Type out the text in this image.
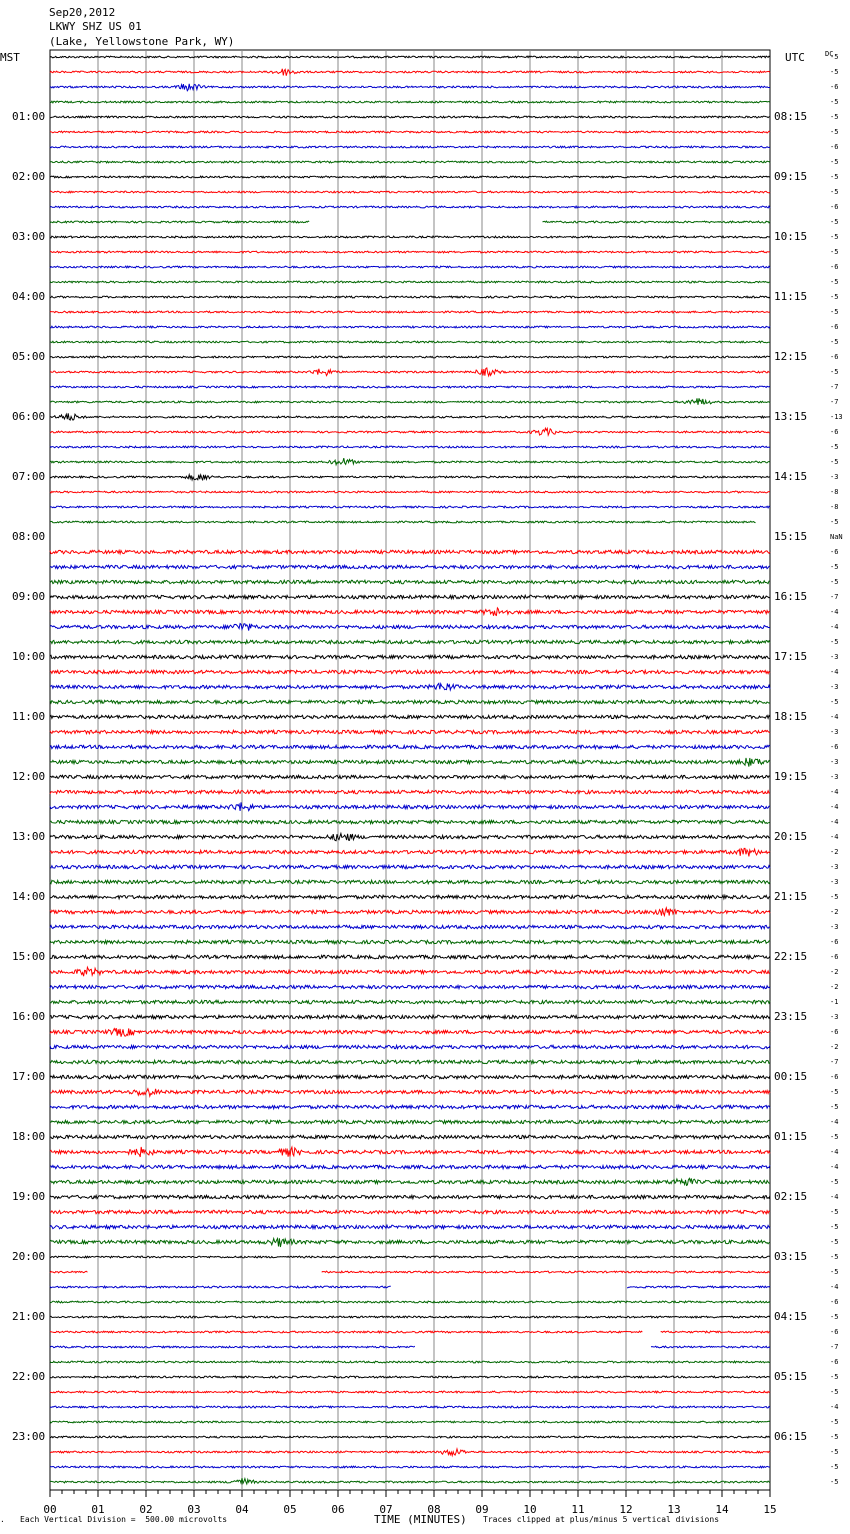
Sep20,2012
LKWY SHZ US 01
(Lake, Yellowstone Park, WY)
MST	UTC	DC
01:00
02:00
03:00
04:00
05:00
06:00
07:00
08:00
09:00
10:00
11:00
12:00
13:00
14:00
15:00
16:00
17:00
18:00
19:00
20:00
21:00
22:00
23:00
08:15
09:15
10:15
11:15
12:15
13:15
14:15
15:15
16:15
17:15
18:15
19:15
20:15
21:15
22:15
23:15
00:15
01:15
02:15
03:15
04:15
05:15
06:15
-5
-5
-6
-5
-5
-5
-6
-5
-5
-5
-6
-5
-5
-5
-6
-5
-5
-5
-6
-5
-6
-5
-7
-7
-13
-6
-5
-5
-3
-8
-8
-5
NaN
-6
-5
-5
-7
-4
-4
-5
-3
-4
-3
-5
-4
-3
-6
-3
-3
-4
-4
-4
-4
-2
-3
-3
-5
-2
-3
-6
-6
-2
-2
-1
-3
-6
-2
-7
-6
-5
-5
-4
-5
-4
-4
-5
-4
-5
-5
-5
-5
-5
-4
-6
-5
-6
-7
-6
-5
-5
-4
-5
-5
-5
-5
-5
00	01	02	03	04	05	06	07	08	09	10	11	12	13	14	15
. Each Vertical Division =  500.00 microvolts	TIME (MINUTES) Traces clipped at plus/minus 5 vertical divisions
